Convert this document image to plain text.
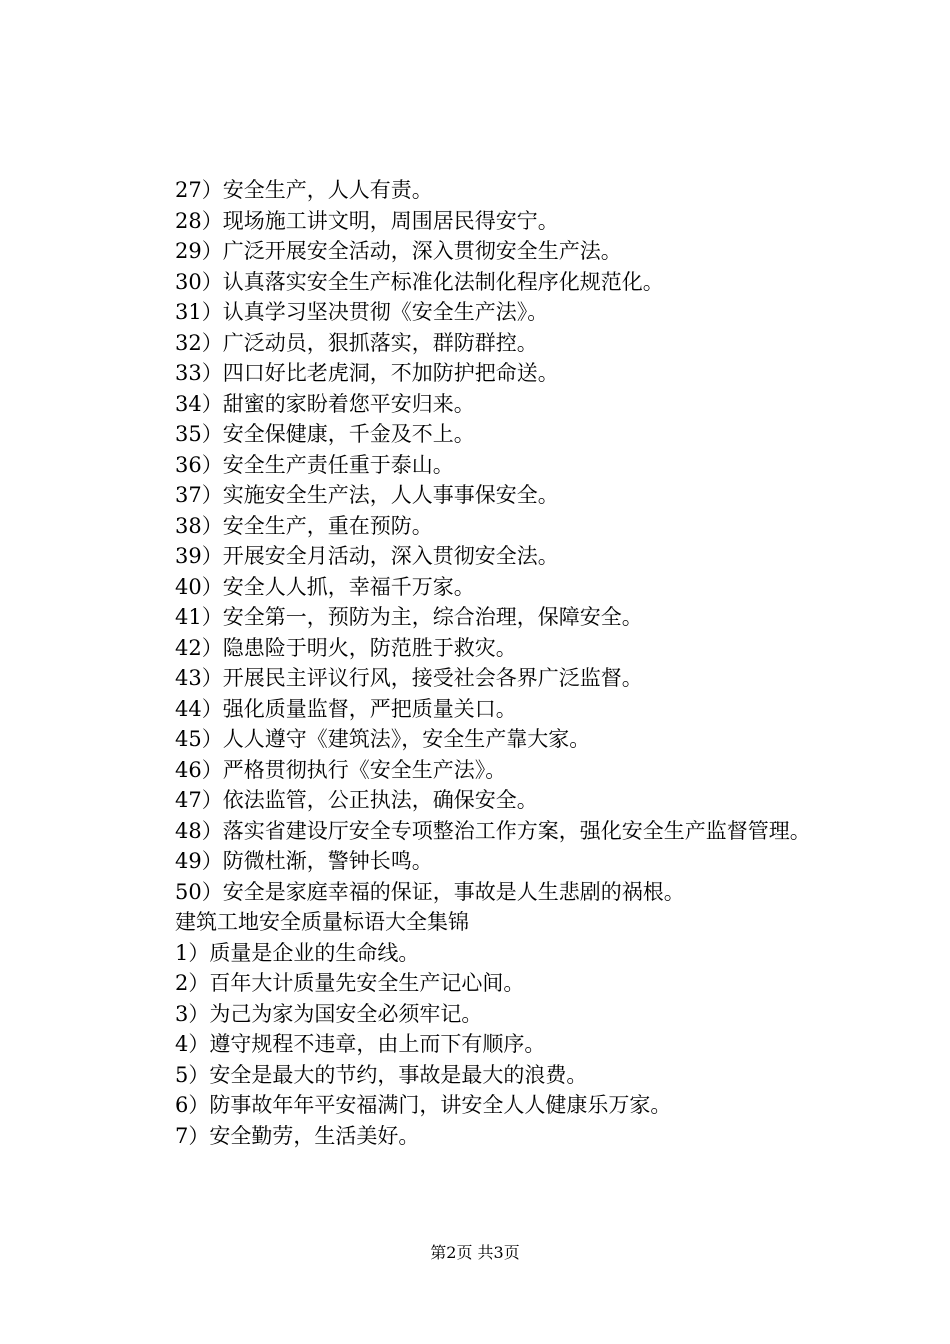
27）安全生产，人人有责。
28）现场施工讲文明，周围居民得安宁。
29）广泛开展安全活动，深入贯彻安全生产法。
30）认真落实安全生产标准化法制化程序化规范化。
31）认真学习坚决贯彻《安全生产法》。
32）广泛动员，狠抓落实，群防群控。
33）四口好比老虎洞，不加防护把命送。
34）甜蜜的家盼着您平安归来。
35）安全保健康，千金及不上。
36）安全生产责任重于泰山。
37）实施安全生产法，人人事事保安全。
38）安全生产，重在预防。
39）开展安全月活动，深入贯彻安全法。
40）安全人人抓，幸福千万家。
41）安全第一，预防为主，综合治理，保障安全。
42）隐患险于明火，防范胜于救灾。
43）开展民主评议行风，接受社会各界广泛监督。
44）强化质量监督，严把质量关口。
45）人人遵守《建筑法》，安全生产靠大家。
46）严格贯彻执行《安全生产法》。
47）依法监管，公正执法，确保安全。
48）落实省建设厅安全专项整治工作方案，强化安全生产监督管理。
49）防微杜渐，警钟长鸣。
50）安全是家庭幸福的保证，事故是人生悲剧的祸根。
建筑工地安全质量标语大全集锦
1）质量是企业的生命线。
2）百年大计质量先安全生产记心间。
3）为己为家为国安全必须牢记。
4）遵守规程不违章，由上而下有顺序。
5）安全是最大的节约，事故是最大的浪费。
6）防事故年年平安福满门，讲安全人人健康乐万家。
7）安全勤劳，生活美好。
第2页 共3页
